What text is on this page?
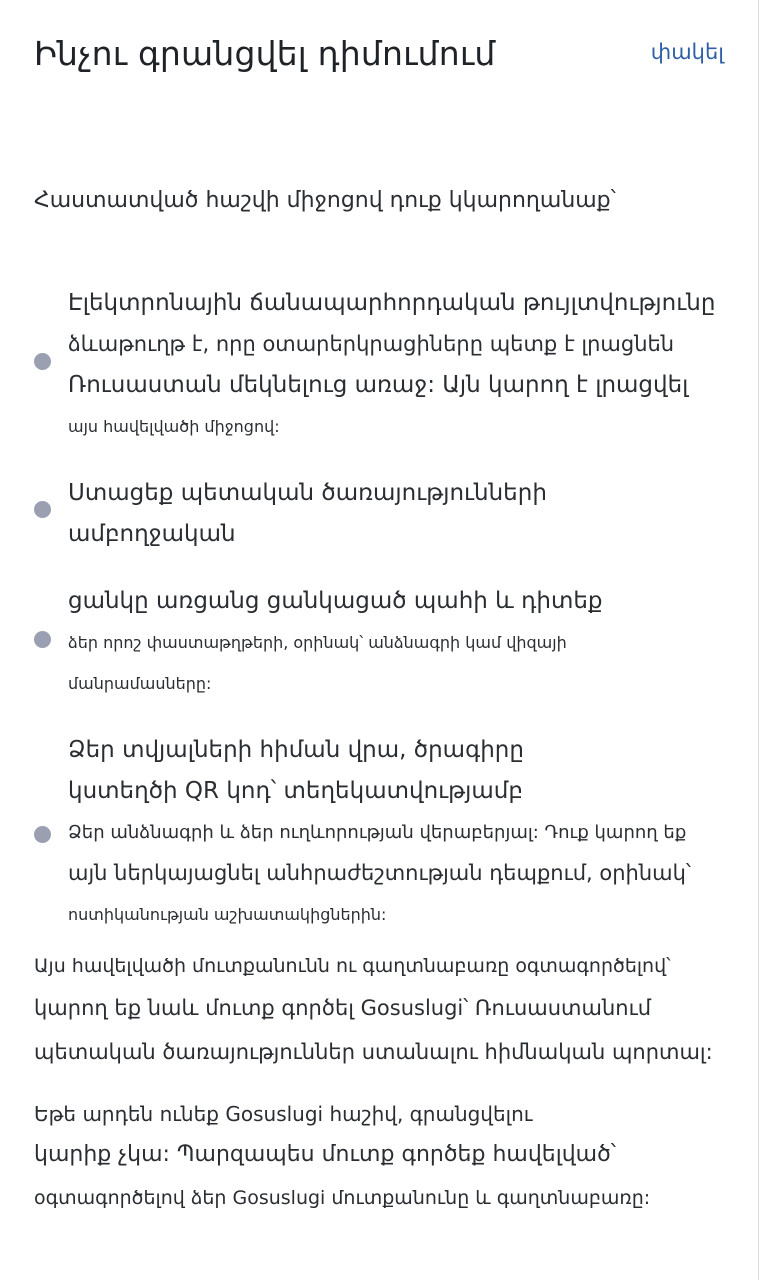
Ինչու գրանցվել դիմումում	փակել

Հաստատված հաշվի միջոցով դուք կկարողանաք՝

Էլեկտրոնային ճանապարհորդական թույլտվությունը
ձևաթուղթ է, որը օտարերկրացիները պետք է լրացնեն
Ռուսաստան մեկնելուց առաջ: Այն կարող է լրացվել
այս հավելվածի միջոցով:

Ստացեք պետական ծառայությունների
ամբողջական

ցանկը առցանց ցանկացած պահի և դիտեք
ձեր որոշ փաստաթղթերի, օրինակ՝ անձնագրի կամ վիզայի
մանրամասները:

Ձեր տվյալների հիման վրա, ծրագիրը
կստեղծի QR կոդ՝ տեղեկատվությամբ
Ձեր անձնագրի և ձեր ուղևորության վերաբերյալ: Դուք կարող եք
այն ներկայացնել անհրաժեշտության դեպքում, օրինակ՝
ոստիկանության աշխատակիցներին:

Այս հավելվածի մուտքանունն ու գաղտնաբառը օգտագործելով՝
կարող եք նաև մուտք գործել Gosuslugi՝ Ռուսաստանում
պետական ծառայություններ ստանալու հիմնական պորտալ:

Եթե արդեն ունեք Gosuslugi հաշիվ, գրանցվելու
կարիք չկա: Պարզապես մուտք գործեք հավելված՝
օգտագործելով ձեր Gosuslugi մուտքանունը և գաղտնաբառը:
